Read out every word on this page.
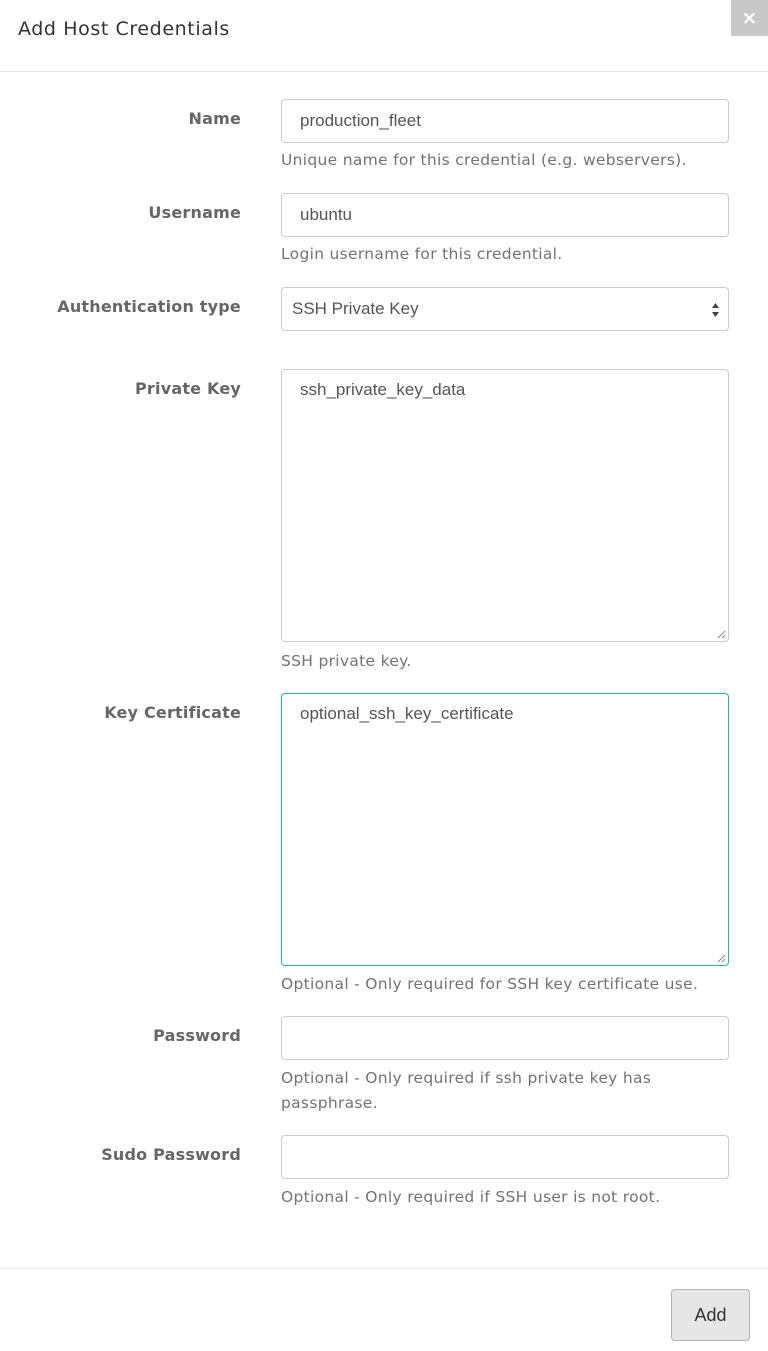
Add Host Credentials	×
Name	production_fleet
Unique name for this credential (e.g. webservers).
Username	ubuntu
Login username for this credential.
Authentication type	SSH Private Key
Private Key	ssh_private_key_data
SSH private key.
Key Certificate	optional_ssh_key_certificate
Optional - Only required for SSH key certificate use.
Password
Optional - Only required if ssh private key has passphrase.
Sudo Password
Optional - Only required if SSH user is not root.
Add
